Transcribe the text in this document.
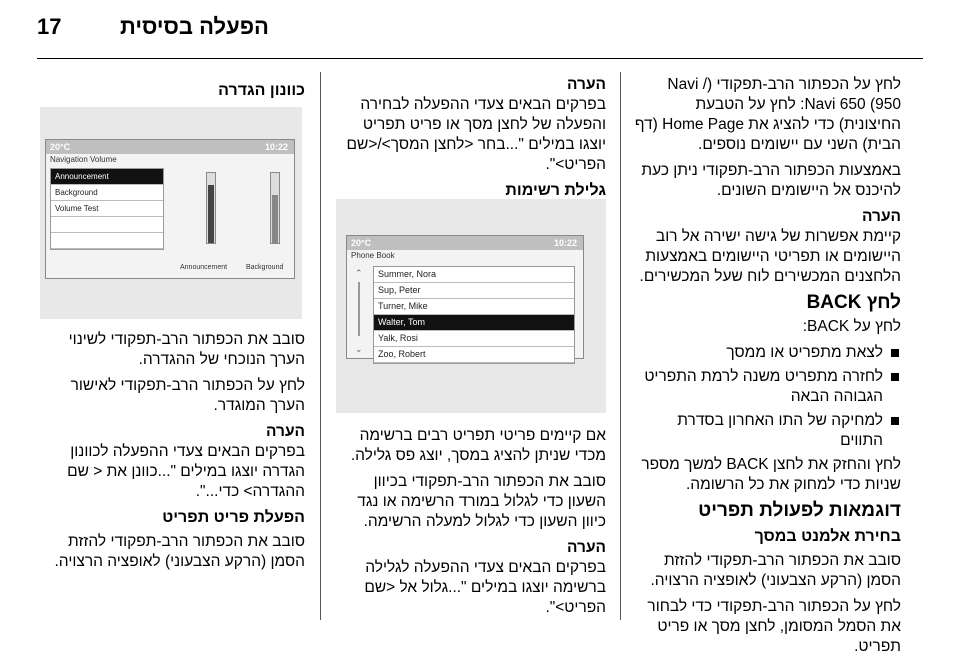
17	הפעלה בסיסית

לחץ על הכפתור הרב-תפקודי (/ Navi 950) Navi 650: לחץ על הטבעת החיצונית) כדי להציג את Home Page (דף הבית) השני עם יישומים נוספים.

באמצעות הכפתור הרב-תפקודי ניתן כעת להיכנס אל היישומים השונים.

הערה

קיימת אפשרות של גישה ישירה אל רוב היישומים או תפריטי היישומים באמצעות הלחצנים המכשירים לוח שעל המכשירים.

לחץ BACK

לחץ על BACK:

לצאת מתפריט או ממסך
לחזרה מתפריט משנה לרמת התפריט הגבוהה הבאה
למחיקה של התו האחרון בסדרת התווים

לחץ והחזק את לחצן BACK למשך מספר שניות כדי למחוק את כל הרשומה.

דוגמאות לפעולת תפריט
בחירת אלמנט במסך

סובב את הכפתור הרב-תפקודי להזזת הסמן (הרקע הצבעוני) לאופציה הרצויה.

לחץ על הכפתור הרב-תפקודי כדי לבחור את הסמל המסומן, לחצן מסך או פריט תפריט.

הערה

בפרקים הבאים צעדי ההפעלה לבחירה והפעלה של לחצן מסך או פריט תפריט יוצגו במילים "...בחר <לחצן המסך>/<שם הפריט>".

גלילת רשימות
20°C	10:22
Phone Book
Summer, Nora
Sup, Peter
Turner, Mike
Walter, Tom
Yalk, Rosi
Zoo, Robert
⌃
⌄

אם קיימים פריטי תפריט רבים ברשימה מכדי שניתן להציג במסך, יוצג פס גלילה.

סובב את הכפתור הרב-תפקודי בכיוון השעון כדי לגלול במורד הרשימה או נגד כיוון השעון כדי לגלול למעלה הרשימה.

הערה

בפרקים הבאים צעדי ההפעלה לגלילה ברשימה יוצגו במילים "...גלול אל <שם הפריט>".

כוונון הגדרה
20°C	10:22
Navigation Volume
Announcement
Background
Volume Test
Announcement	Background

סובב את הכפתור הרב-תפקודי לשינוי הערך הנוכחי של ההגדרה.

לחץ על הכפתור הרב-תפקודי לאישור הערך המוגדר.

הערה

בפרקים הבאים צעדי ההפעלה לכוונון הגדרה יוצגו במילים "...כוונן את < שם ההגדרה> כדי...".

הפעלת פריט תפריט

סובב את הכפתור הרב-תפקודי להזזת הסמן (הרקע הצבעוני) לאופציה הרצויה.
